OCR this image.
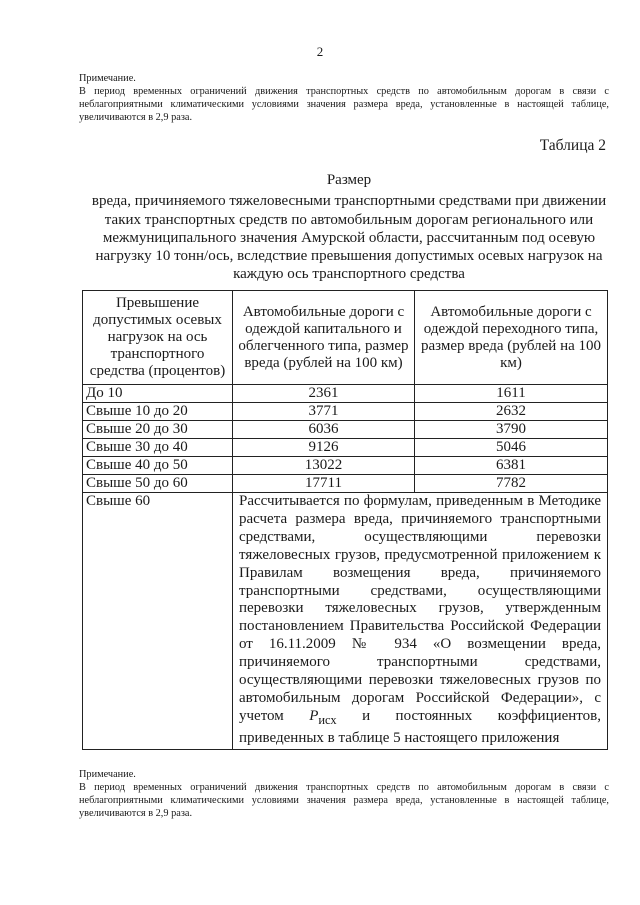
2
Примечание.
В период временных ограничений движения транспортных средств по автомобильным дорогам в связи с неблагоприятными климатическими условиями значения размера вреда, установленные в настоящей таблице, увеличиваются в 2,9 раза.
Таблица 2
Размер
вреда, причиняемого тяжеловесными транспортными средствами при движении таких транспортных средств по автомобильным дорогам регионального или межмуниципального значения Амурской области, рассчитанным под осевую нагрузку 10 тонн/ось, вследствие превышения допустимых осевых нагрузок на каждую ось транспортного средства
Превышение допустимых осевых нагрузок на ось транспортного средства (процентов)	Автомобильные дороги с одеждой капитального и облегченного типа, размер вреда (рублей на 100 км)	Автомобильные дороги с одеждой переходного типа, размер вреда (рублей на 100 км)
До 10	2361	1611
Свыше 10 до 20	3771	2632
Свыше 20 до 30	6036	3790
Свыше 30 до 40	9126	5046
Свыше 40 до 50	13022	6381
Свыше 50 до 60	17711	7782
Свыше 60	Рассчитывается по формулам, приведенным в Методике расчета размера вреда, причиняемого транспортными средствами, осуществляющими перевозки тяжеловесных грузов, предусмотренной приложением к Правилам возмещения вреда, причиняемого транспортными средствами, осуществляющими перевозки тяжеловесных грузов, утвержденным постановлением Правительства Российской Федерации от 16.11.2009 № 934 «О возмещении вреда, причиняемого транспортными средствами, осуществляющими перевозки тяжеловесных грузов по автомобильным дорогам Российской Федерации», с учетом $Р_{исх}$ и постоянных коэффициентов, приведенных в таблице 5 настоящего приложения	
Примечание.
В период временных ограничений движения транспортных средств по автомобильным дорогам в связи с неблагоприятными климатическими условиями значения размера вреда, установленные в настоящей таблице, увеличиваются в 2,9 раза.
